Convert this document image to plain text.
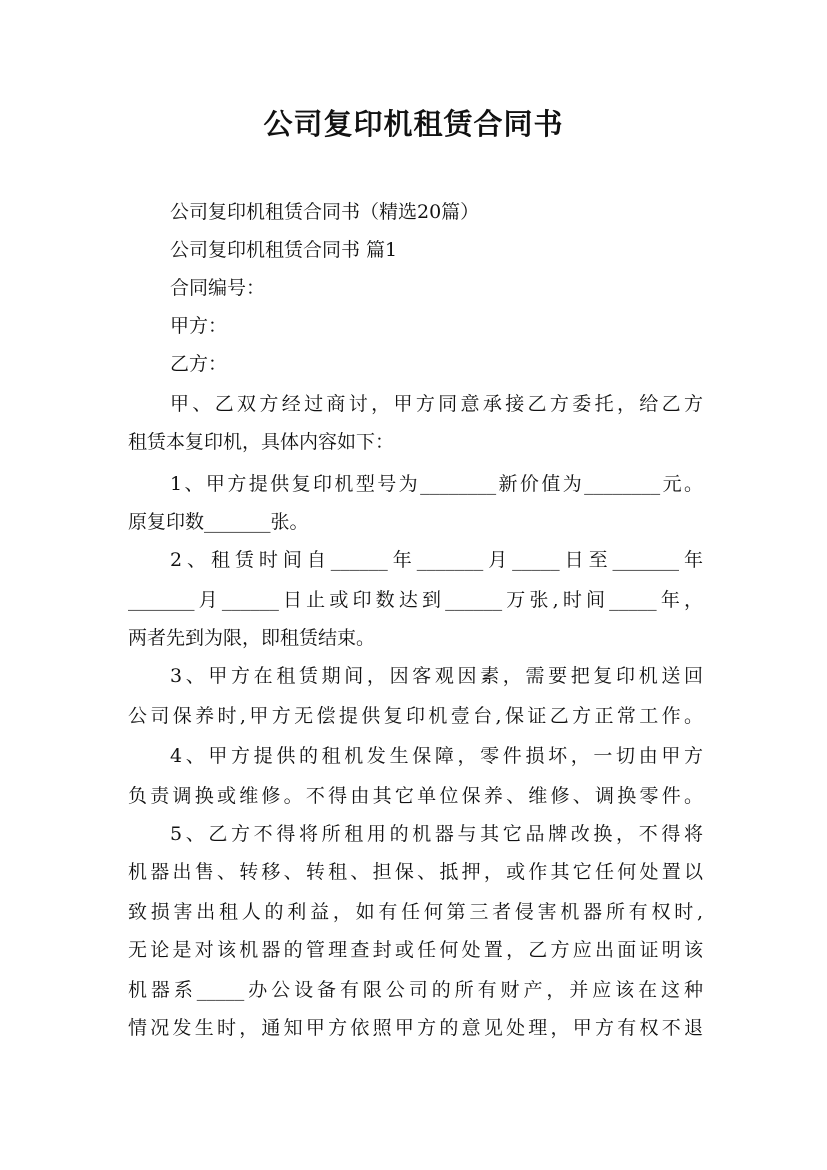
公司复印机租赁合同书
公司复印机租赁合同书（精选20篇）
公司复印机租赁合同书 篇1
合同编号：
甲方：
乙方：
甲、乙双方经过商讨，甲方同意承接乙方委托，给乙方
租赁本复印机，具体内容如下：
1、甲方提供复印机型号为________新价值为________元。
原复印数_______张。
2、租赁时间自______年_______月_____日至_______年
_______月______日止或印数达到______万张,时间_____年，
两者先到为限，即租赁结束。
3、甲方在租赁期间，因客观因素，需要把复印机送回
公司保养时,甲方无偿提供复印机壹台,保证乙方正常工作。
4、甲方提供的租机发生保障，零件损坏，一切由甲方
负责调换或维修。不得由其它单位保养、维修、调换零件。
5、乙方不得将所租用的机器与其它品牌改换，不得将
机器出售、转移、转租、担保、抵押，或作其它任何处置以
致损害出租人的利益，如有任何第三者侵害机器所有权时,
无论是对该机器的管理查封或任何处置，乙方应出面证明该
机器系_____办公设备有限公司的所有财产，并应该在这种
情况发生时，通知甲方依照甲方的意见处理，甲方有权不退
